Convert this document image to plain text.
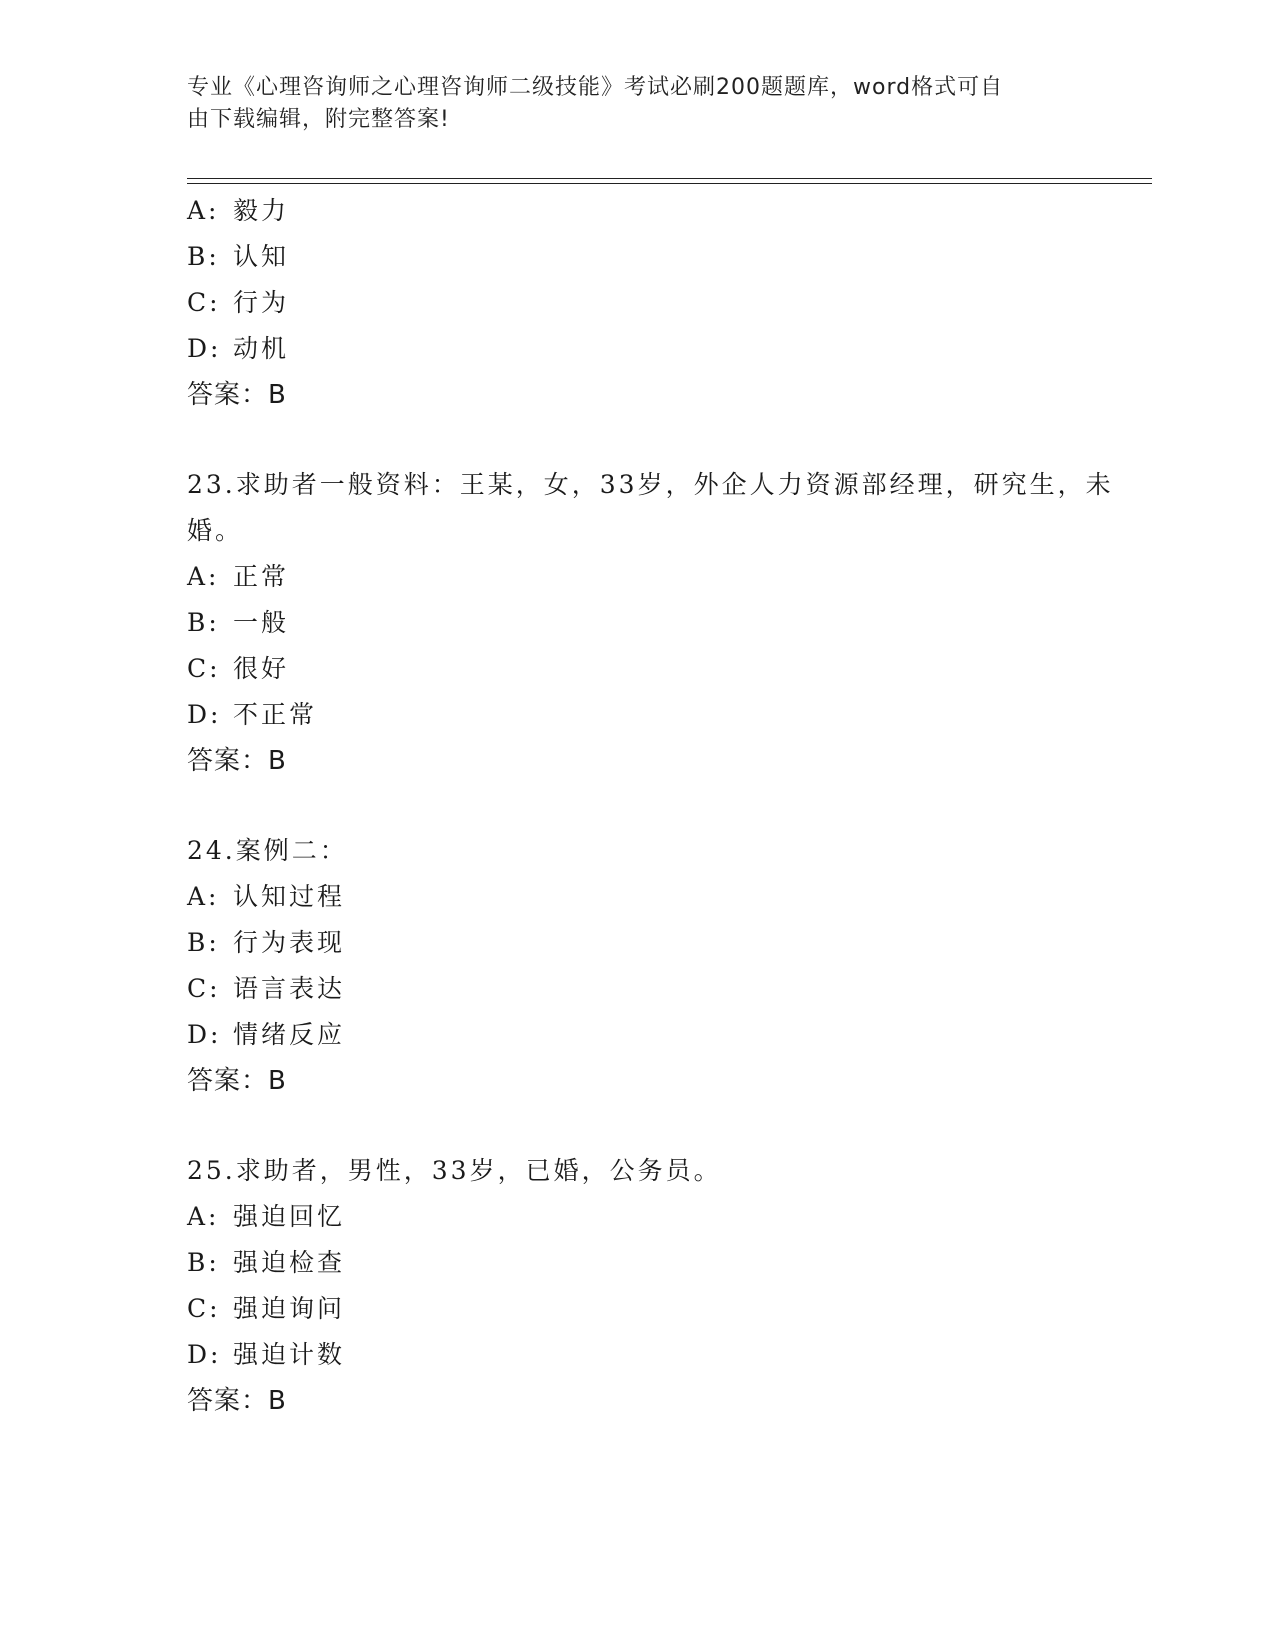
专业《心理咨询师之心理咨询师二级技能》考试必刷200题题库，word格式可自
由下载编辑，附完整答案!
A: 毅力
B: 认知
C: 行为
D: 动机
答案：B
23.求助者一般资料：王某，女，33岁，外企人力资源部经理，研究生，未婚。
A: 正常
B: 一般
C: 很好
D: 不正常
答案：B
24.案例二：
A: 认知过程
B: 行为表现
C: 语言表达
D: 情绪反应
答案：B
25.求助者，男性，33岁，已婚，公务员。
A: 强迫回忆
B: 强迫检查
C: 强迫询问
D: 强迫计数
答案：B
